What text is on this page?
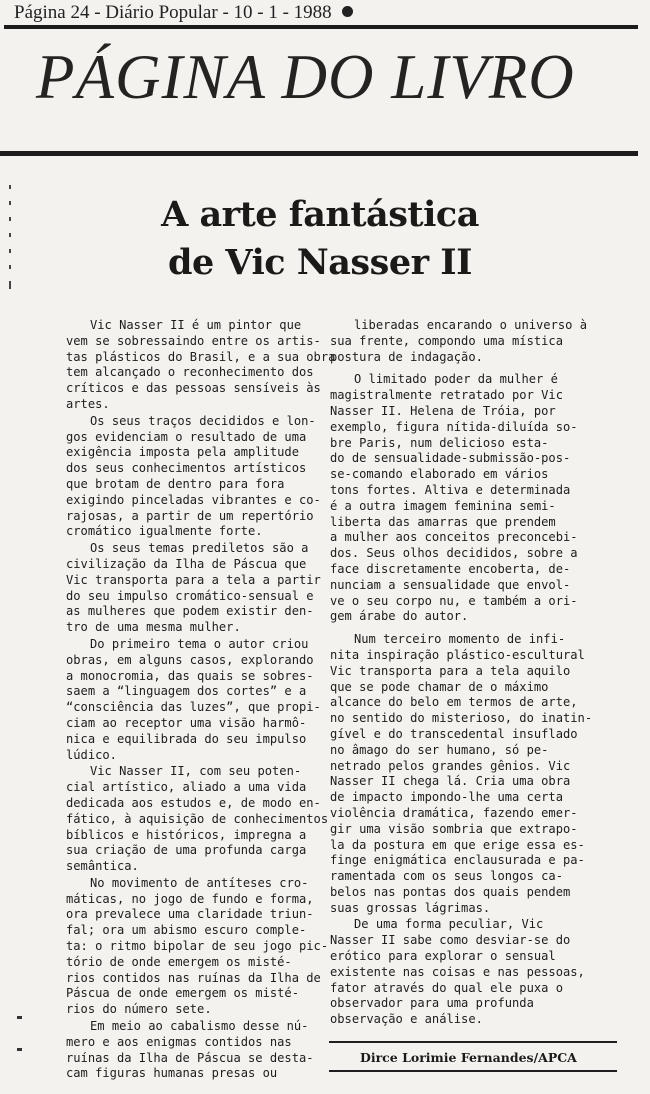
Página 24 - Diário Popular - 10 - 1 - 1988
PÁGINA DO LIVRO
A arte fantástica
de Vic Nasser II

Vic Nasser II é um pintor que
vem se sobressaindo entre os artis-
tas plásticos do Brasil, e a sua obra
tem alcançado o reconhecimento dos
críticos e das pessoas sensíveis às
artes.

Os seus traços decididos e lon-
gos evidenciam o resultado de uma
exigência imposta pela amplitude
dos seus conhecimentos artísticos
que brotam de dentro para fora
exigindo pinceladas vibrantes e co-
rajosas, a partir de um repertório
cromático igualmente forte.

Os seus temas prediletos são a
civilização da Ilha de Páscua que
Vic transporta para a tela a partir
do seu impulso cromático-sensual e
as mulheres que podem existir den-
tro de uma mesma mulher.

Do primeiro tema o autor criou
obras, em alguns casos, explorando
a monocromia, das quais se sobres-
saem a “linguagem dos cortes” e a
“consciência das luzes”, que propi-
ciam ao receptor uma visão harmô-
nica e equilibrada do seu impulso
lúdico.

Vic Nasser II, com seu poten-
cial artístico, aliado a uma vida
dedicada aos estudos e, de modo en-
fático, à aquisição de conhecimentos
bíblicos e históricos, impregna a
sua criação de uma profunda carga
semântica.

No movimento de antíteses cro-
máticas, no jogo de fundo e forma,
ora prevalece uma claridade triun-
fal; ora um abismo escuro comple-
ta: o ritmo bipolar de seu jogo pic-
tório de onde emergem os misté-
rios contidos nas ruínas da Ilha de
Páscua de onde emergem os misté-
rios do número sete.

Em meio ao cabalismo desse nú-
mero e aos enigmas contidos nas
ruínas da Ilha de Páscua se desta-
cam figuras humanas presas ou

liberadas encarando o universo à
sua frente, compondo uma mística
postura de indagação.

O limitado poder da mulher é
magistralmente retratado por Vic
Nasser II. Helena de Tróia, por
exemplo, figura nítida-diluída so-
bre Paris, num delicioso esta-
do de sensualidade-submissão-pos-
se-comando elaborado em vários
tons fortes. Altiva e determinada
é a outra imagem feminina semi-
liberta das amarras que prendem
a mulher aos conceitos preconcebi-
dos. Seus olhos decididos, sobre a
face discretamente encoberta, de-
nunciam a sensualidade que envol-
ve o seu corpo nu, e também a ori-
gem árabe do autor.

Num terceiro momento de infi-
nita inspiração plástico-escultural
Vic transporta para a tela aquilo
que se pode chamar de o máximo
alcance do belo em termos de arte,
no sentido do misterioso, do inatin-
gível e do transcedental insuflado
no âmago do ser humano, só pe-
netrado pelos grandes gênios. Vic
Nasser II chega lá. Cria uma obra
de impacto impondo-lhe uma certa
violência dramática, fazendo emer-
gir uma visão sombria que extrapo-
la da postura em que erige essa es-
finge enigmática enclausurada e pa-
ramentada com os seus longos ca-
belos nas pontas dos quais pendem
suas grossas lágrimas.

De uma forma peculiar, Vic
Nasser II sabe como desviar-se do
erótico para explorar o sensual
existente nas coisas e nas pessoas,
fator através do qual ele puxa o
observador para uma profunda
observação e análise.

Dirce Lorimie Fernandes/APCA
